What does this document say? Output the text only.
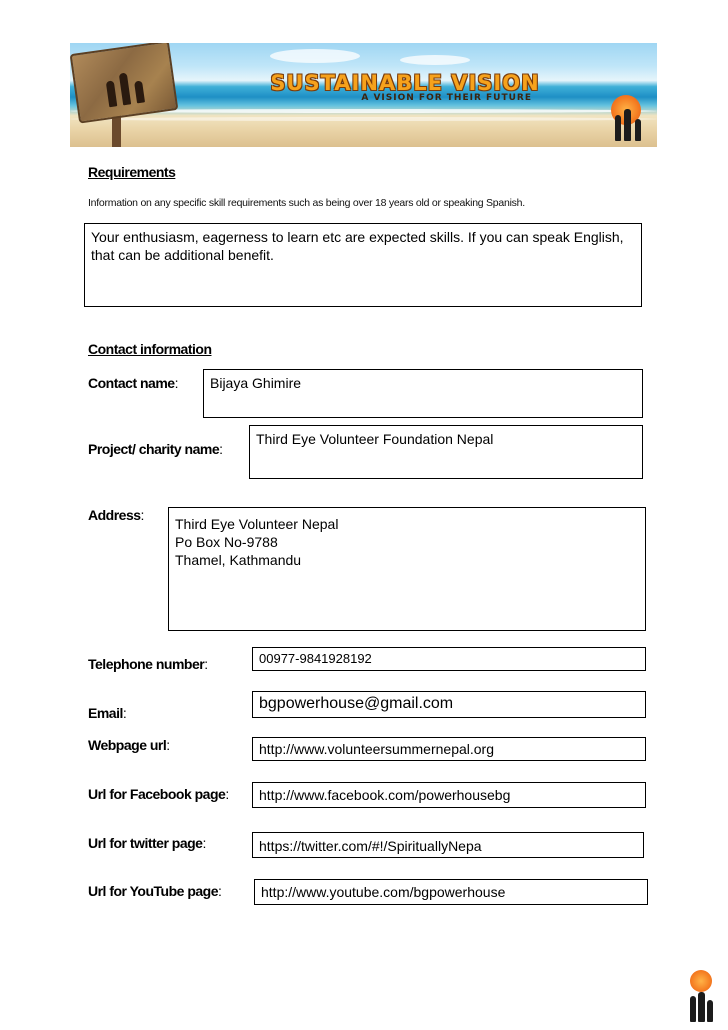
SUSTAINABLE VISION
A VISION FOR THEIR FUTURE
Requirements
Information on any specific skill requirements such as being over 18 years old or speaking Spanish.
Your enthusiasm, eagerness to learn etc are expected skills. If you can speak English, that can be additional benefit.
Contact information
Contact name:	Bijaya Ghimire
Project/ charity name:
Third Eye Volunteer Foundation Nepal
Address:
Third Eye Volunteer Nepal
Po Box No-9788
Thamel, Kathmandu
Telephone number:	00977-9841928192
Email:
bgpowerhouse@gmail.com
Webpage url:	http://www.volunteersummernepal.org
Url for Facebook page:	http://www.facebook.com/powerhousebg
Url for twitter page:	https://twitter.com/#!/SpirituallyNepa
Url for YouTube page:	http://www.youtube.com/bgpowerhouse
